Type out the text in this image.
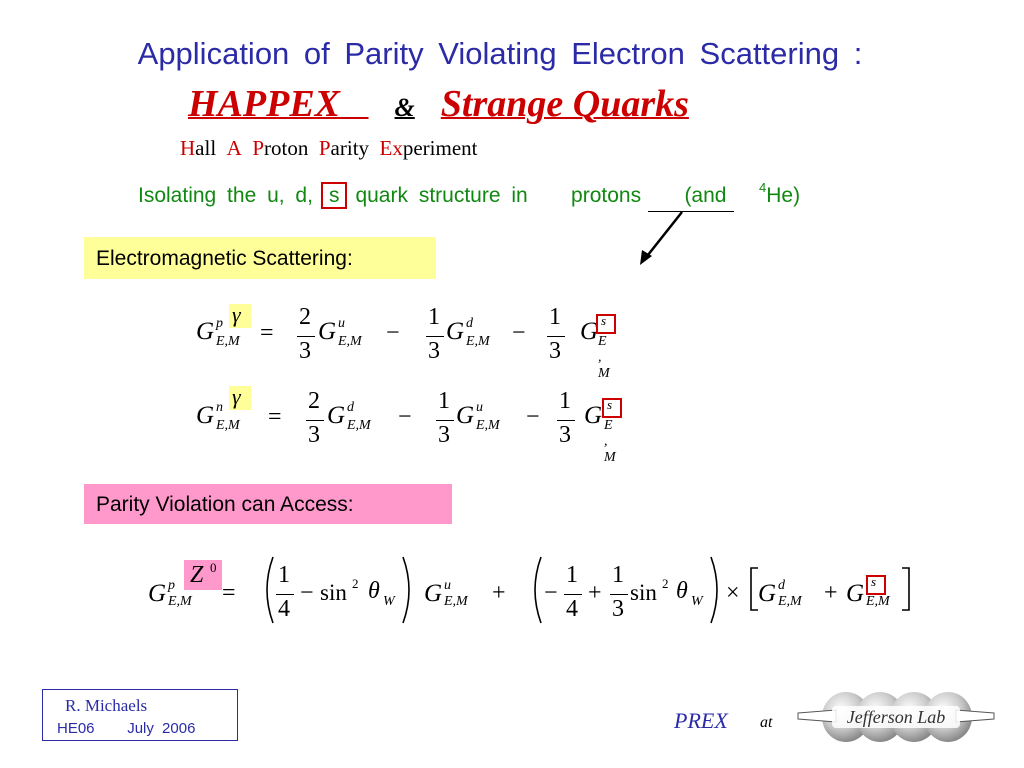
Application of Parity Violating Electron Scattering :
HAPPEX & Strange Quarks
Hall A Proton Parity Experiment
Isolating the u, d, s quark structure in protons (and	$^4$He)
Electromagnetic Scattering:
Parity Violation can Access:
G p γ
E,M =
2
3
G u
E,M −
1
3
G d
E,M −
1
3
G s
E , M
G n γ
E,M =
2
3
G d
E,M −
1
3
G u
E,M −
1
3
G s
E , M
G p
E,M
Z 0
=
1
4
− sin 2 θ W G u
E,M + −
1
4
+
1
3
sin 2 θ W × G d
E,M + G s
E,M
R. Michaels
HE06 July 2006	PREX at	Jefferson Lab
